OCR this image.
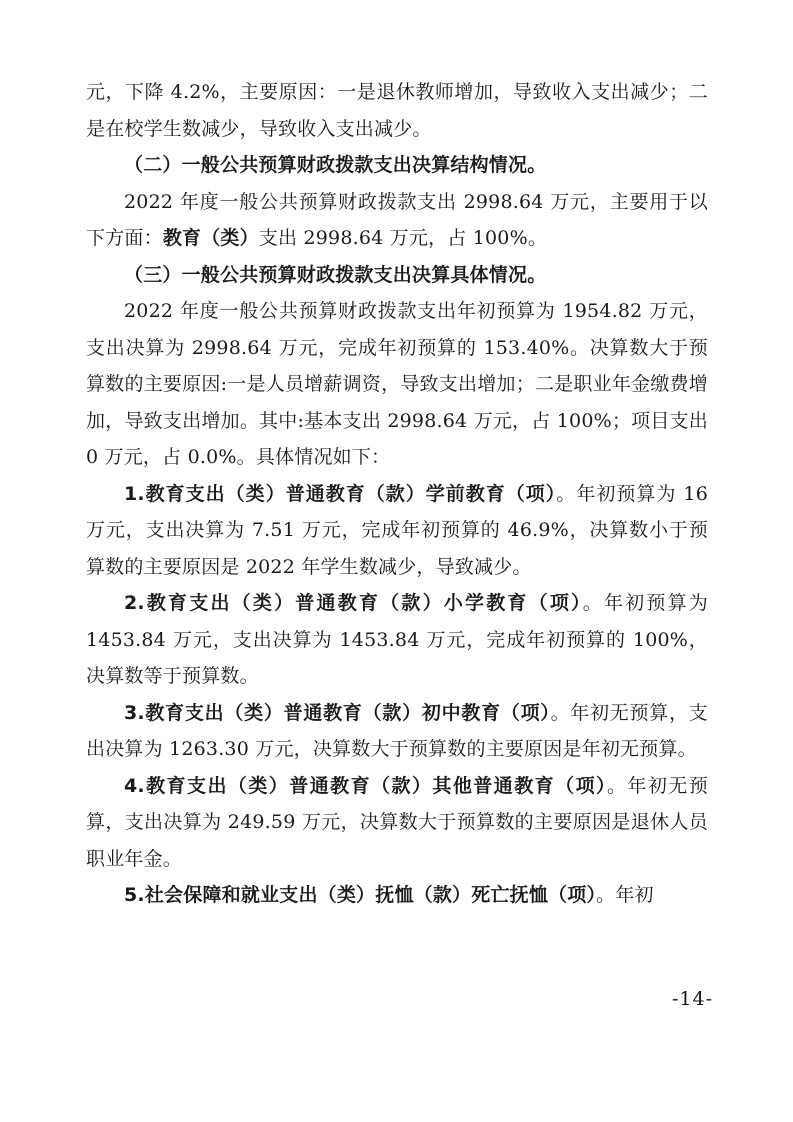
元，下降 4.2%，主要原因：一是退休教师增加，导致收入支出减少；二是在校学生数减少，导致收入支出减少。

（二）一般公共预算财政拨款支出决算结构情况。

2022 年度一般公共预算财政拨款支出 2998.64 万元，主要用于以下方面：教育（类）支出 2998.64 万元，占 100%。

（三）一般公共预算财政拨款支出决算具体情况。

2022 年度一般公共预算财政拨款支出年初预算为 1954.82 万元，支出决算为 2998.64 万元，完成年初预算的 153.40%。决算数大于预算数的主要原因:一是人员增薪调资，导致支出增加；二是职业年金缴费增加，导致支出增加。其中:基本支出 2998.64 万元，占 100%；项目支出 0 万元，占 0.0%。具体情况如下：

1.教育支出（类）普通教育（款）学前教育（项）。年初预算为 16 万元，支出决算为 7.51 万元，完成年初预算的 46.9%，决算数小于预算数的主要原因是 2022 年学生数减少，导致减少。

2.教育支出（类）普通教育（款）小学教育（项）。年初预算为 1453.84 万元，支出决算为 1453.84 万元，完成年初预算的 100%，决算数等于预算数。

3.教育支出（类）普通教育（款）初中教育（项）。年初无预算，支出决算为 1263.30 万元，决算数大于预算数的主要原因是年初无预算。

4.教育支出（类）普通教育（款）其他普通教育（项）。年初无预算，支出决算为 249.59 万元，决算数大于预算数的主要原因是退休人员职业年金。

5.社会保障和就业支出（类）抚恤（款）死亡抚恤（项）。年初

-14-
